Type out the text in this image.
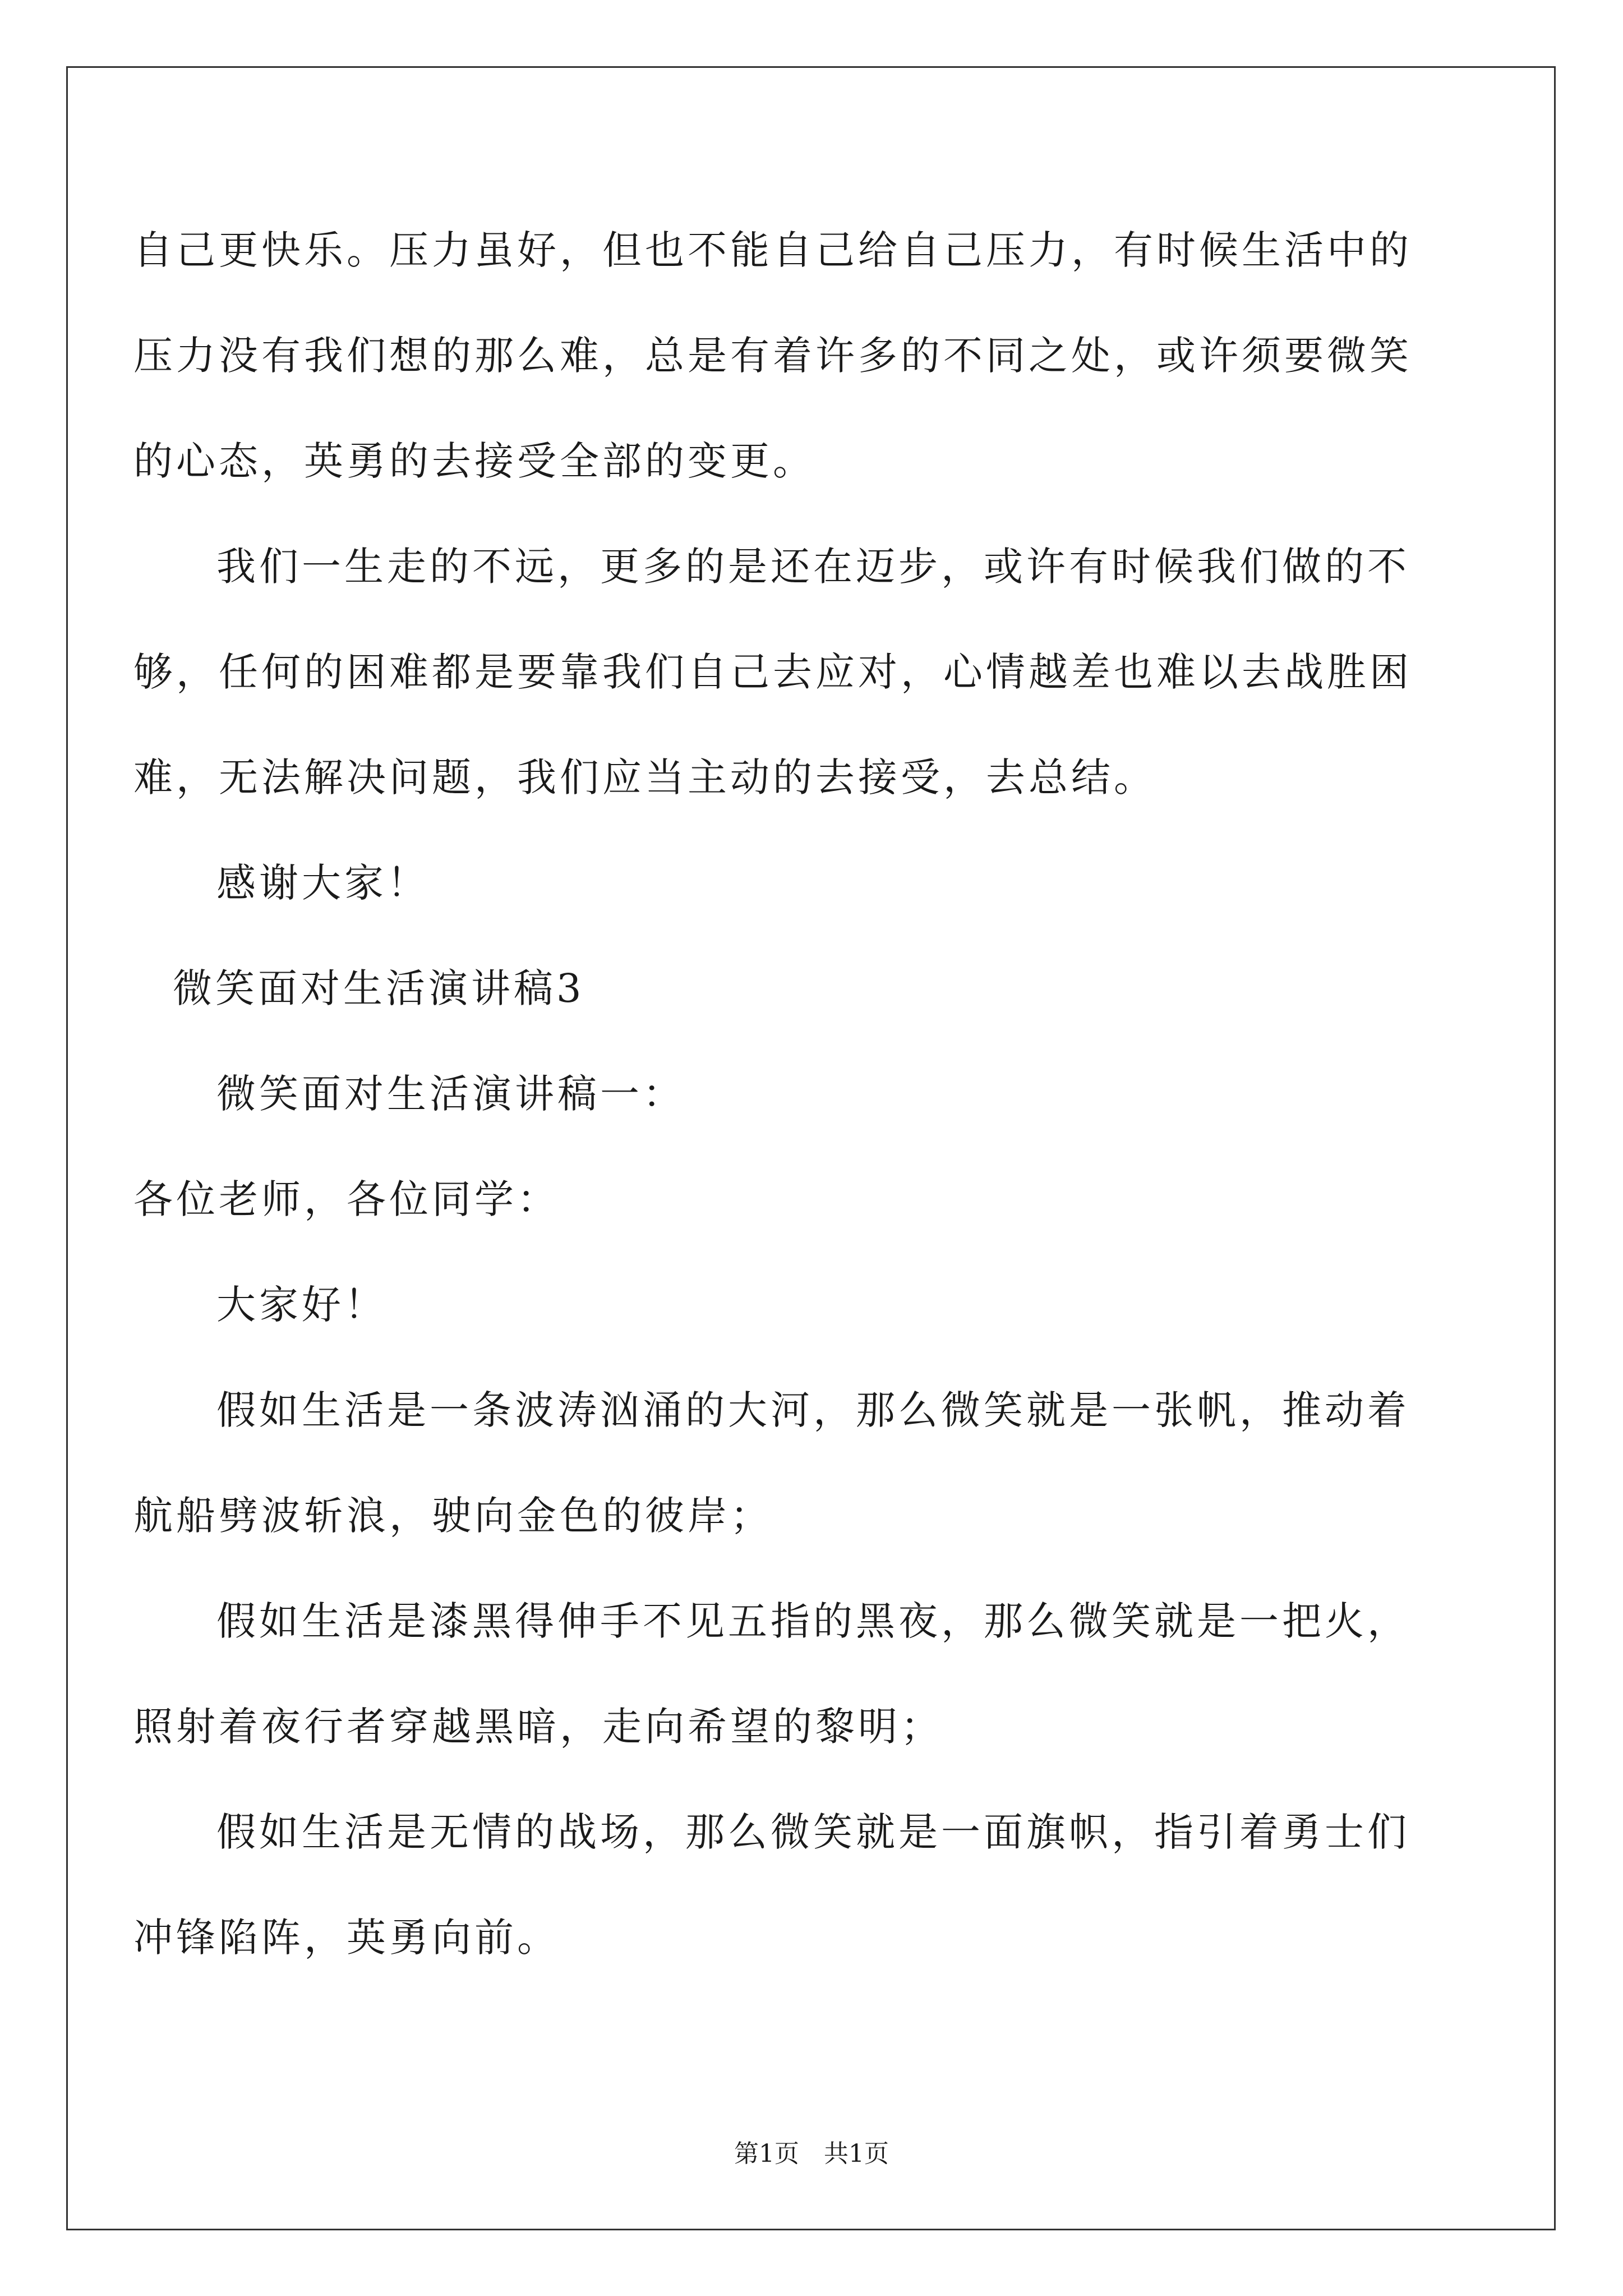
自己更快乐。压力虽好，但也不能自己给自己压力，有时候生活中的
压力没有我们想的那么难，总是有着许多的不同之处，或许须要微笑
的心态，英勇的去接受全部的变更。
我们一生走的不远，更多的是还在迈步，或许有时候我们做的不
够，任何的困难都是要靠我们自己去应对，心情越差也难以去战胜困
难，无法解决问题，我们应当主动的去接受，去总结。
感谢大家！
微笑面对生活演讲稿3
微笑面对生活演讲稿一：
各位老师，各位同学：
大家好！
假如生活是一条波涛汹涌的大河，那么微笑就是一张帆，推动着
航船劈波斩浪，驶向金色的彼岸；
假如生活是漆黑得伸手不见五指的黑夜，那么微笑就是一把火，
照射着夜行者穿越黑暗，走向希望的黎明；
假如生活是无情的战场，那么微笑就是一面旗帜，指引着勇士们
冲锋陷阵，英勇向前。
第1页　共1页
